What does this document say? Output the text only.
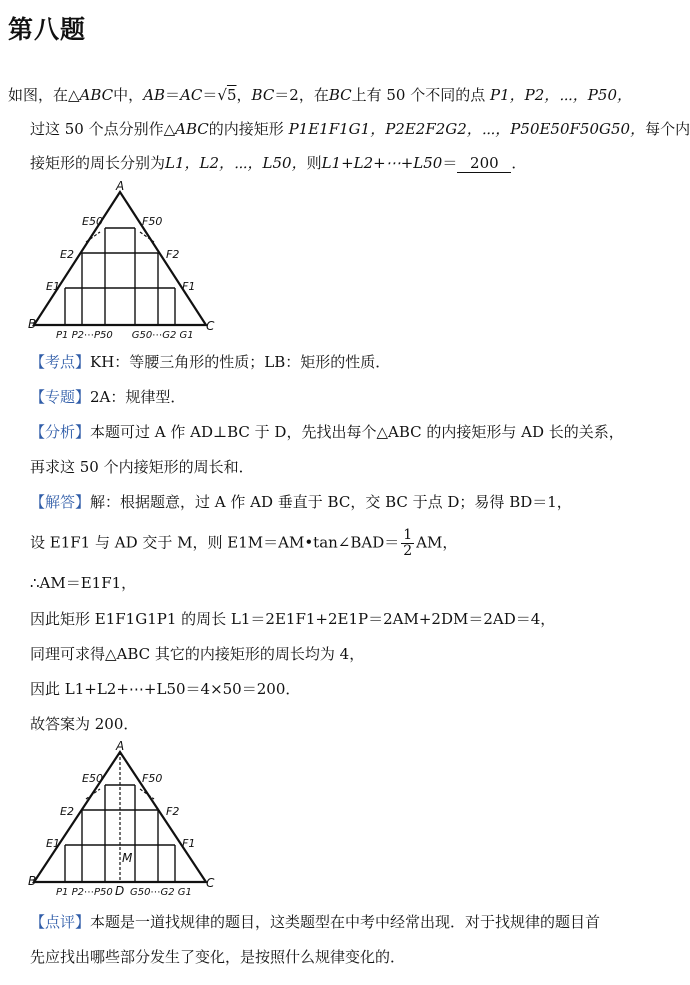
第八题
如图，在△ABC中，AB＝AC＝√5，BC＝2，在BC上有 50 个不同的点 P1，P2，⋯，P50，
过这 50 个点分别作△ABC的内接矩形 P1E1F1G1，P2E2F2G2，⋯，P50E50F50G50，每个内
接矩形的周长分别为L1，L2，⋯，L50，则L1+L2+⋯+L50＝ 200 ．
A
E50	F50
E2	F2
E1	F1
B	C
P1 P2⋯P50      G50⋯G2 G1
【考点】KH：等腰三角形的性质；LB：矩形的性质．
【专题】2A：规律型．
【分析】本题可过 A 作 AD⊥BC 于 D，先找出每个△ABC 的内接矩形与 AD 长的关系，
再求这 50 个内接矩形的周长和．
【解答】解：根据题意，过 A 作 AD 垂直于 BC，交 BC 于点 D；易得 BD＝1，
设 E1F1 与 AD 交于 M，则 E1M＝AM•tan∠BAD＝ $\frac{1}{2}$ AM，
∴AM＝E1F1，
因此矩形 E1F1G1P1 的周长 L1＝2E1F1+2E1P＝2AM+2DM＝2AD＝4，
同理可求得△ABC 其它的内接矩形的周长均为 4，
因此 L1+L2+⋯+L50＝4×50＝200．
故答案为 200．
A
E50	F50
E2	F2
E1	F1
M
B	C
D
P1 P2⋯P50 G50⋯G2 G1
【点评】本题是一道找规律的题目，这类题型在中考中经常出现．对于找规律的题目首
先应找出哪些部分发生了变化，是按照什么规律变化的．
